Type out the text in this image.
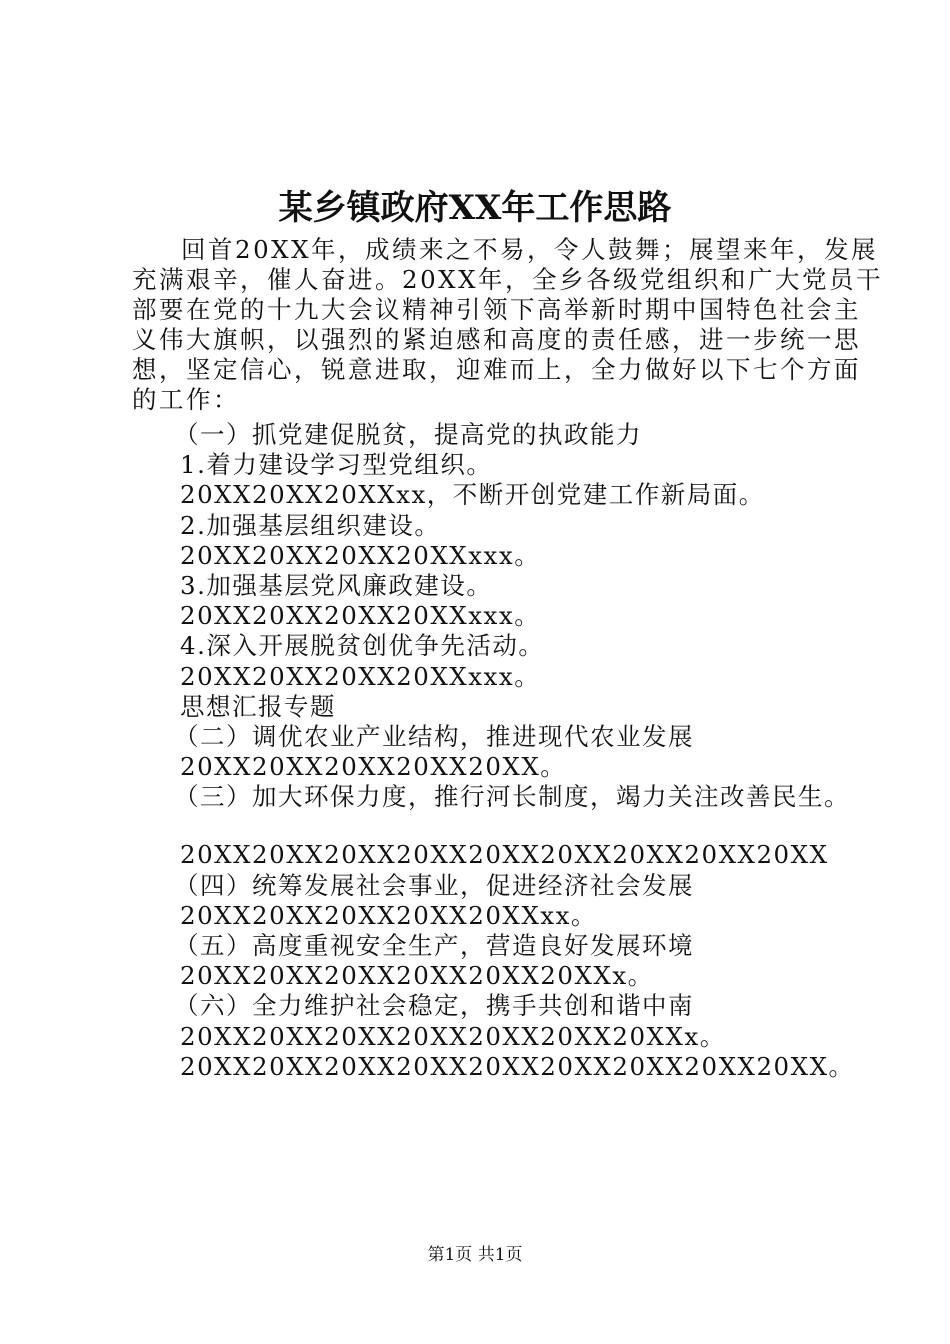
某乡镇政府XX年工作思路
回首20XX年，成绩来之不易，令人鼓舞；展望来年，发展
充满艰辛，催人奋进。20XX年，全乡各级党组织和广大党员干
部要在党的十九大会议精神引领下高举新时期中国特色社会主
义伟大旗帜，以强烈的紧迫感和高度的责任感，进一步统一思
想，坚定信心，锐意进取，迎难而上，全力做好以下七个方面
的工作：
（一）抓党建促脱贫，提高党的执政能力
1.着力建设学习型党组织。
20XX20XX20XXxx，不断开创党建工作新局面。
2.加强基层组织建设。
20XX20XX20XX20XXxxx。
3.加强基层党风廉政建设。
20XX20XX20XX20XXxxx。
4.深入开展脱贫创优争先活动。
20XX20XX20XX20XXxxx。
思想汇报专题
（二）调优农业产业结构，推进现代农业发展
20XX20XX20XX20XX20XX。
（三）加大环保力度，推行河长制度，竭力关注改善民生。
20XX20XX20XX20XX20XX20XX20XX20XX20XX
（四）统筹发展社会事业，促进经济社会发展
20XX20XX20XX20XX20XXxx。
（五）高度重视安全生产，营造良好发展环境
20XX20XX20XX20XX20XX20XXx。
（六）全力维护社会稳定，携手共创和谐中南
20XX20XX20XX20XX20XX20XX20XXx。
20XX20XX20XX20XX20XX20XX20XX20XX20XX。
第1页 共1页
